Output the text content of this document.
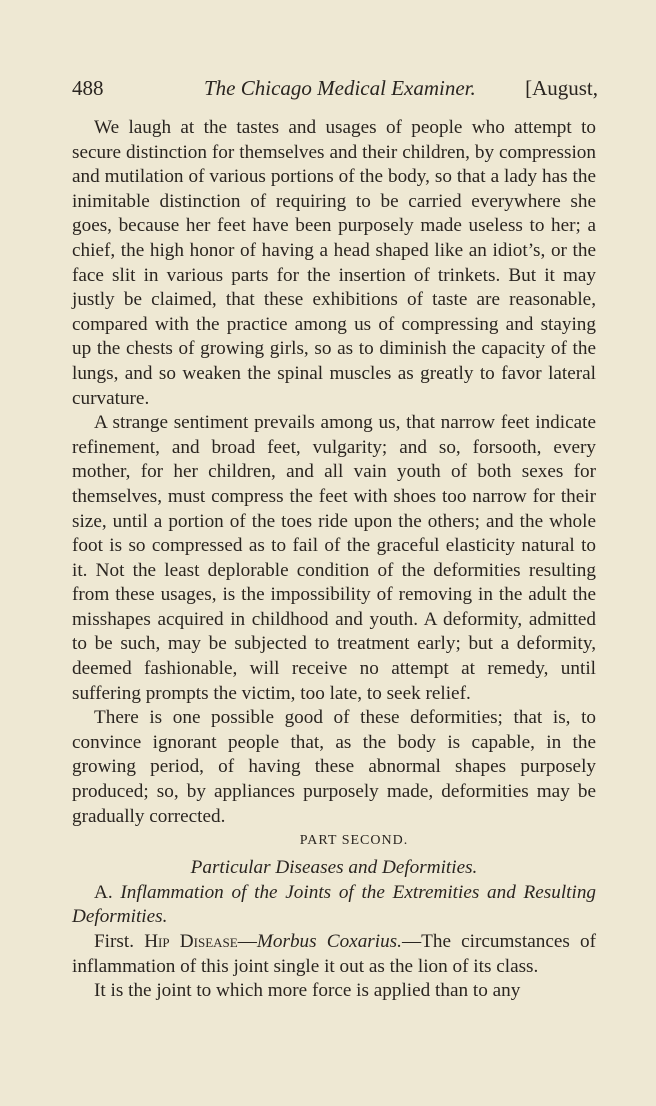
488	The Chicago Medical Examiner. [August,

We laugh at the tastes and usages of people who attempt to secure distinction for themselves and their children, by compression and mutilation of various portions of the body, so that a lady has the inimitable distinction of requiring to be carried everywhere she goes, because her feet have been purposely made useless to her; a chief, the high honor of having a head shaped like an idiot’s, or the face slit in various parts for the insertion of trinkets. But it may justly be claimed, that these exhibitions of taste are reasonable, compared with the practice among us of compressing and staying up the chests of growing girls, so as to diminish the capacity of the lungs, and so weaken the spinal muscles as greatly to favor lateral curvature.

A strange sentiment prevails among us, that narrow feet indicate refinement, and broad feet, vulgarity; and so, forsooth, every mother, for her children, and all vain youth of both sexes for themselves, must compress the feet with shoes too narrow for their size, until a portion of the toes ride upon the others; and the whole foot is so compressed as to fail of the graceful elasticity natural to it. Not the least deplorable condition of the deformities resulting from these usages, is the impossibility of removing in the adult the misshapes acquired in childhood and youth. A deformity, admitted to be such, may be subjected to treatment early; but a deformity, deemed fashionable, will receive no attempt at remedy, until suffering prompts the victim, too late, to seek relief.

There is one possible good of these deformities; that is, to convince ignorant people that, as the body is capable, in the growing period, of having these abnormal shapes purposely produced; so, by appliances purposely made, deformities may be gradually corrected.

PART SECOND.
Particular Diseases and Deformities.

A. Inflammation of the Joints of the Extremities and Resulting Deformities.

First. Hip Disease—Morbus Coxarius.—The circumstances of inflammation of this joint single it out as the lion of its class.

It is the joint to which more force is applied than to any
